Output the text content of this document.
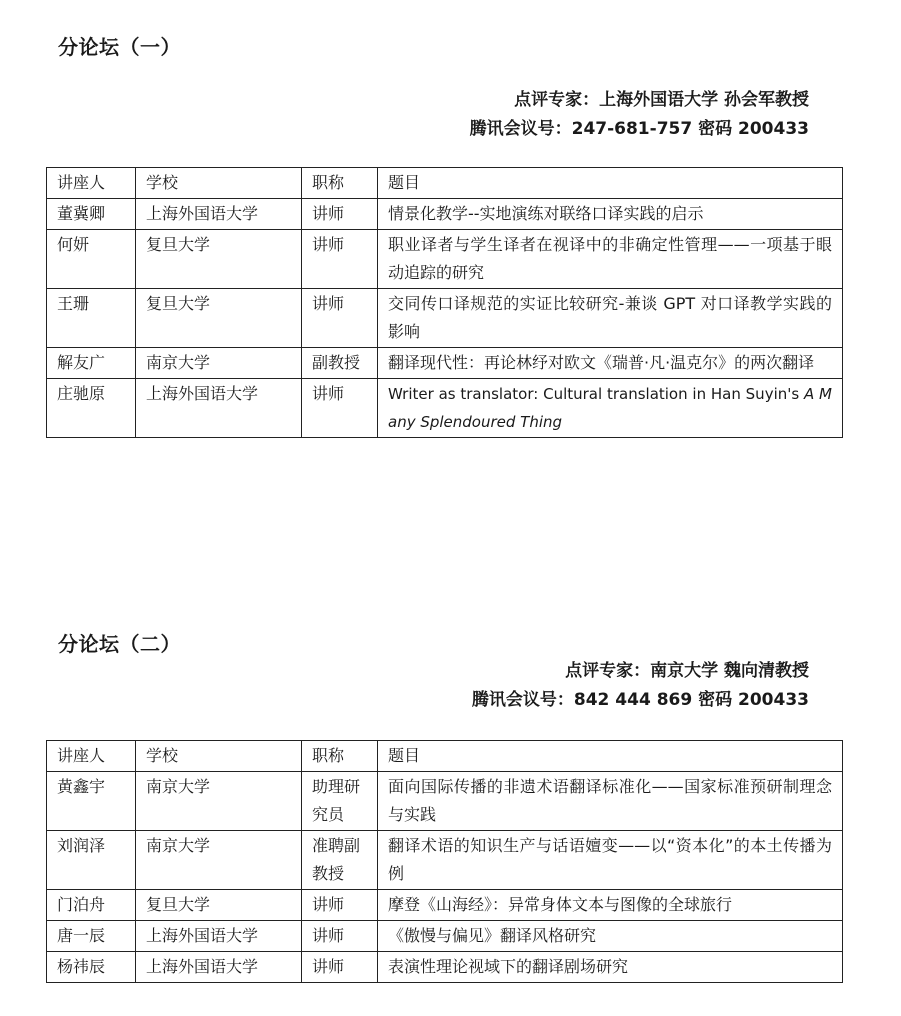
分论坛（一）
点评专家：上海外国语大学 孙会军教授
腾讯会议号：247-681-757 密码 200433
讲座人	学校	职称	题目
董冀卿	上海外国语大学	讲师	情景化教学--实地演练对联络口译实践的启示
何妍	复旦大学	讲师	职业译者与学生译者在视译中的非确定性管理——一项基于眼动追踪的研究
王珊	复旦大学	讲师	交同传口译规范的实证比较研究-兼谈 GPT 对口译教学实践的影响
解友广	南京大学	副教授	翻译现代性：再论林纾对欧文《瑞普·凡·温克尔》的两次翻译
庄驰原	上海外国语大学	讲师	Writer as translator: Cultural translation in Han Suyin's A Many Splendoured Thing
分论坛（二）
点评专家：南京大学 魏向清教授
腾讯会议号：842 444 869 密码 200433
讲座人	学校	职称	题目
黄鑫宇	南京大学	助理研究员	面向国际传播的非遗术语翻译标准化——国家标准预研制理念与实践
刘润泽	南京大学	准聘副教授	翻译术语的知识生产与话语嬗变——以“资本化”的本土传播为例
门泊舟	复旦大学	讲师	摩登《山海经》：异常身体文本与图像的全球旅行
唐一辰	上海外国语大学	讲师	《傲慢与偏见》翻译风格研究
杨祎辰	上海外国语大学	讲师	表演性理论视域下的翻译剧场研究
